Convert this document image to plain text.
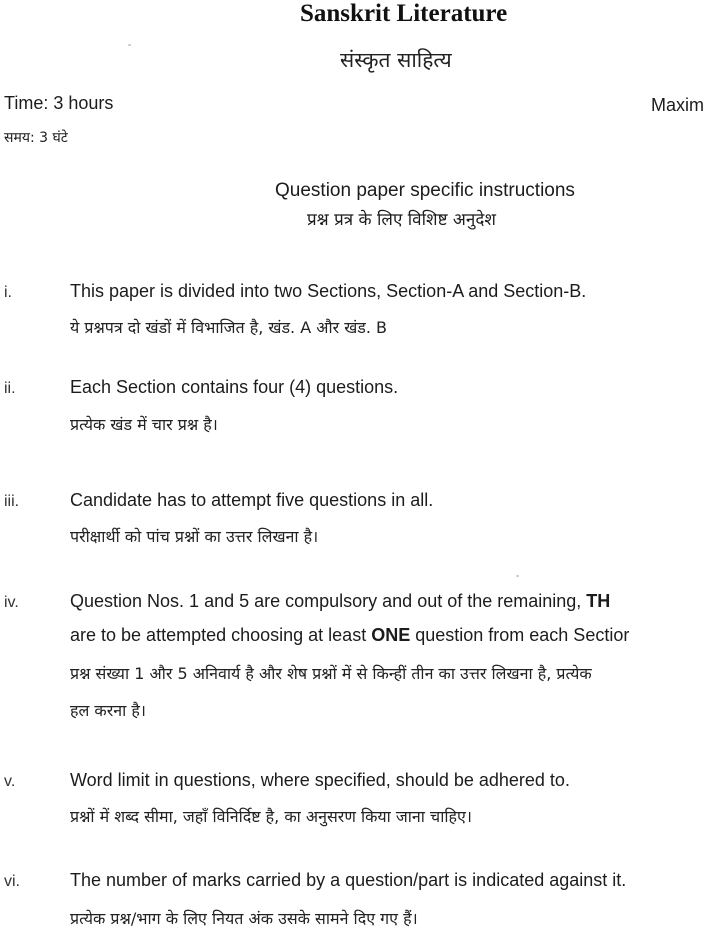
Sanskrit Literature
संस्कृत साहित्य
Time: 3 hours
समय: 3 घंटे
Maxim
Question paper specific instructions
प्रश्न प्रत्र के लिए विशिष्ट अनुदेश
i.	This paper is divided into two Sections, Section-A and Section-B.
ये प्रश्नपत्र दो खंडों में विभाजित है, खंड. A और खंड. B
ii.	Each Section contains four (4) questions.
प्रत्येक खंड में चार प्रश्न है।
iii.	Candidate has to attempt five questions in all.
परीक्षार्थी को पांच प्रश्नों का उत्तर लिखना है।
iv.	Question Nos. 1 and 5 are compulsory and out of the remaining, TH
are to be attempted choosing at least ONE question from each Sectior
प्रश्न संख्या 1 और 5 अनिवार्य है और शेष प्रश्नों में से किन्हीं तीन का उत्तर लिखना है, प्रत्येक
हल करना है।
v.	Word limit in questions, where specified, should be adhered to.
प्रश्नों में शब्द सीमा, जहाँ विनिर्दिष्ट है, का अनुसरण किया जाना चाहिए।
vi.	The number of marks carried by a question/part is indicated against it.
प्रत्येक प्रश्न/भाग के लिए नियत अंक उसके सामने दिए गए हैं।
